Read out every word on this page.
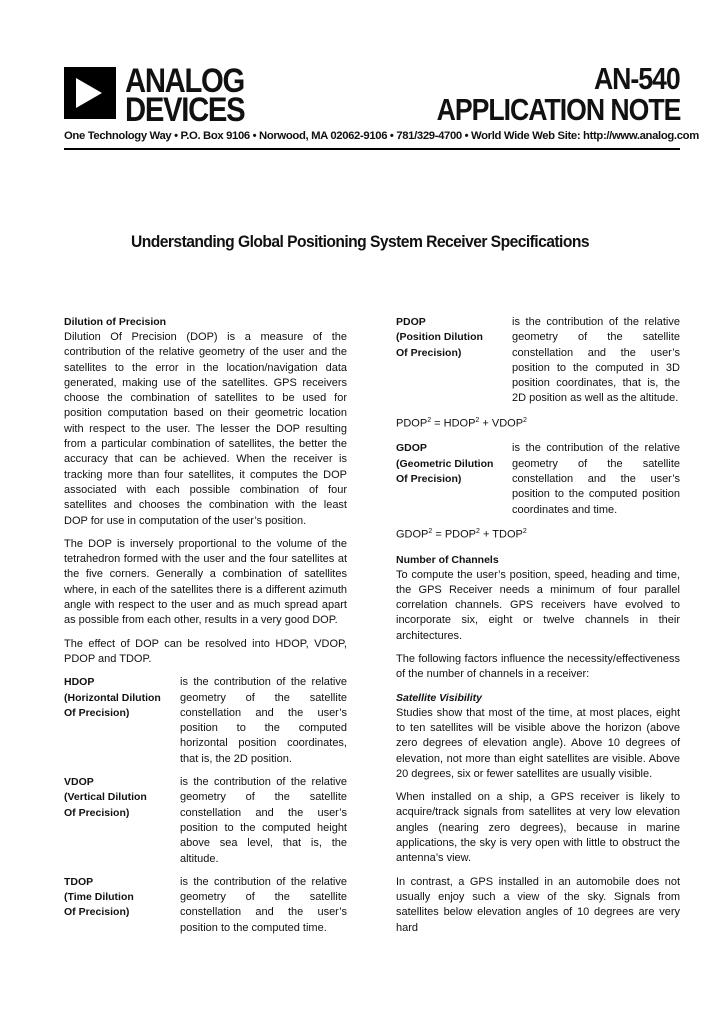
ANALOG
DEVICES
AN-540
APPLICATION NOTE
One Technology Way • P.O. Box 9106 • Norwood, MA 02062-9106 • 781/329-4700 • World Wide Web Site: http://www.analog.com
Understanding Global Positioning System Receiver Specifications
Dilution of Precision

Dilution Of Precision (DOP) is a measure of the contribution of the relative geometry of the user and the satellites to the error in the location/navigation data generated, making use of the satellites. GPS receivers choose the combination of satellites to be used for position computation based on their geometric location with respect to the user. The lesser the DOP resulting from a particular combination of satellites, the better the accuracy that can be achieved. When the receiver is tracking more than four satellites, it computes the DOP associated with each possible combination of four satellites and chooses the combination with the least DOP for use in computation of the user’s position.

The DOP is inversely proportional to the volume of the tetrahedron formed with the user and the four satellites at the five corners. Generally a combination of satellites where, in each of the satellites there is a different azimuth angle with respect to the user and as much spread apart as possible from each other, results in a very good DOP.

The effect of DOP can be resolved into HDOP, VDOP, PDOP and TDOP.

HDOP
(Horizontal Dilution
Of Precision)
is the contribution of the relative geometry of the satellite constellation and the user’s position to the computed horizontal position coordinates, that is, the 2D position.
VDOP
(Vertical Dilution
Of Precision)
is the contribution of the relative geometry of the satellite constellation and the user’s position to the computed height above sea level, that is, the altitude.
TDOP
(Time Dilution
Of Precision)
is the contribution of the relative geometry of the satellite constellation and the user’s position to the computed time.
PDOP
(Position Dilution
Of Precision)
is the contribution of the relative geometry of the satellite constellation and the user’s position to the computed in 3D position coordinates, that is, the 2D position as well as the altitude.
$PDOP^2$ = $HDOP^2$ + $VDOP^2$
GDOP
(Geometric Dilution
Of Precision)
is the contribution of the relative geometry of the satellite constellation and the user’s position to the computed position coordinates and time.
$GDOP^2$ = $PDOP^2$ + $TDOP^2$
Number of Channels

To compute the user’s position, speed, heading and time, the GPS Receiver needs a minimum of four parallel correlation channels. GPS receivers have evolved to incorporate six, eight or twelve channels in their architectures.

The following factors influence the necessity/effectiveness of the number of channels in a receiver:

Satellite Visibility

Studies show that most of the time, at most places, eight to ten satellites will be visible above the horizon (above zero degrees of elevation angle). Above 10 degrees of elevation, not more than eight satellites are visible. Above 20 degrees, six or fewer satellites are usually visible.

When installed on a ship, a GPS receiver is likely to acquire/track signals from satellites at very low elevation angles (nearing zero degrees), because in marine applications, the sky is very open with little to obstruct the antenna’s view.

In contrast, a GPS installed in an automobile does not usually enjoy such a view of the sky. Signals from satellites below elevation angles of 10 degrees are very hard
